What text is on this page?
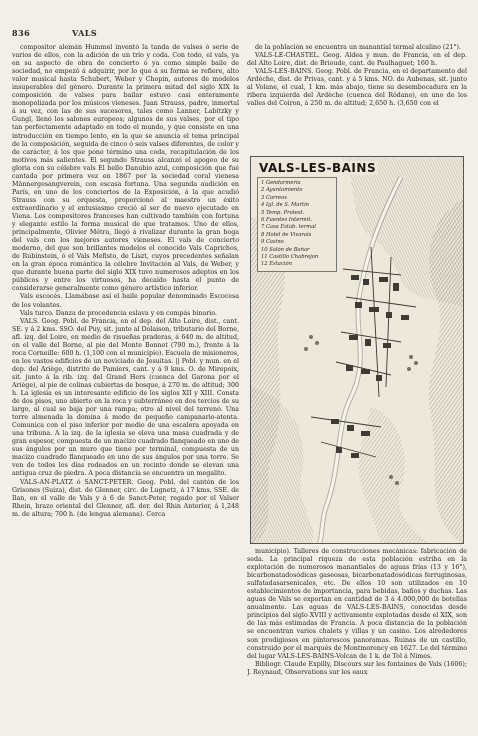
836	VALS

compositor alemán Hummel inventó la tanda de valses ó serie de varios de ellos, con la adición de un trío y coda. Con todo, el vals, ya en su aspecto de obra de concierto ó ya como simple baile de sociedad, no empezó á adquirir, por lo que á su forma se refiere, alto valor musical hasta Schubert, Weber y Chopin, autores de modelos insuperables del género. Durante la primera mitad del siglo XIX la composición de valses para bailar estuvo casi enteramente monopolizada por los músicos vieneses. Juan Strauss, padre, inmortal á su vez, con las de sus sucesores, tales como Lanner, Labitzky y Gungl, llenó los salones europeos; algunos de sus valses, por el tipo tan perfectamente adaptado en todo el mundo, y que consiste en una introducción en tiempo lento, en la que se anuncia el tema principal de la composición, seguida de cinco ó seis valses diferentes, de color y de carácter, á los que pone término una coda, recapitulación de los motivos más salientes. El segundo Strauss alcanzó el apogeo de su gloria con su célebre vals El bello Danubio azul, composición que fué cantada por primera vez en 1867 por la sociedad coral vienesa Männergesangverein, con escasa fortuna. Una segunda audición en París, en uno de los conciertos de la Exposición, á la que acudió Strauss con su orquesta, proporcionó al maestro un éxito extraordinario y el entusiasmo creció al ser de nuevo ejecutado en Viena. Los compositores franceses han cultivado también con fortuna y elegante estilo la forma musical de que tratamos. Uno de ellos, principalmente, Olivier Métra, llegó á rivalizar durante la gran boga del vals con los mejores autores vieneses. El vals de concierto moderno, del que son brillantes modelos el conocido Vals Caprichos, de Rubinstein, ó el Vals Mefisto, de Liszt, cuyos precedentes señalan en la gran época romántica la célebre Invitación al Vals, de Weber, y que durante buena parte del siglo XIX tuvo numerosos adeptos en los públicos y entre los virtuosos, ha decaído hasta el punto de considerarse generalmente como género artístico inferior.

Vals escocés. Llamábase así el baile popular denominado Escocesa de los volantes.

Vals turco. Danza de procedencia eslava y en compás binario.

VALS. Geog. Pobl. de Francia, en el dep. del Alto Loire, dist., cant. SE. y á 2 kms. SSO. del Puy, sit. junto al Dolaison, tributario del Borne, afl. izq. del Loire, en medio de risueñas praderas, á 640 m. de altitud, en el valle del Borne, al pie del Monte Bonnot (790 m.), frente á la roca Corneille: 600 h. (1,100 con el municipio). Escuela de misioneros, en los vastos edificios de un noviciado de Jesuitas. || Pobl. y mun. en el dep. del Ariège, distrito de Pamiers, cant. y á 9 kms. O. de Mirepoix, sit. junto á la rib. izq. del Grand Hers (cuenca del Garona por el Ariège), al pie de colinas cubiertas de bosque, á 270 m. de altitud; 300 h. La iglesia es un interesante edificio de los siglos XII y XIII. Consta de dos pisos, uno abierto en la roca y subterráneo en dos tercios de su largo, al cual se baja por una rampa; otro al nivel del terreno. Una torre almenada la domina á modo de pequeño campanario-atenta. Comunica con el piso inferior por medio de una escalera apoyada en una tribuna. A la izq. de la iglesia se eleva una masa cuadrada y de gran espesor, compuesta de un macizo cuadrado flanqueado en uno de sus ángulos por un muro que tiene por terminal, compuesta de un macizo cuadrado flanqueado en uno de sus ángulos por una torre. Se ven de todos los días rodeados en un recinto donde se elevan una antigua cruz de piedra. A poca distancia se encuentra un megalito.

VALS-AN-PLATZ ó SANCT-PETER. Geog. Pobl. del cantón de los Grisones (Suiza), dist. de Glenner, circ. de Lugnetz, á 17 kms. SSE. de Ilan, en el valle de Vals y á 6 de Sanct-Peter, regado por el Valser Rhein, brazo oriental del Glenner, afl. der. del Rhin Anterior, á 1,248 m. de altura; 700 h. (de lengua alemana). Cerca

de la población se encuentra un manantial termal alcalino (21°).

VALS-LE-CHASTEL. Geog. Aldea y mun. de Francia, en el dep. del Alto Loire, dist. de Brioude, cant. de Paulhaguet; 160 h.

VALS-LES-BAINS. Geog. Pobl. de Francia, en el departamento del Ardèche, dist. de Privas, cant. y á 5 kms. NO. de Aubenas, sit. junto al Volane, el cual, 1 km. más abajo, tiene su desembocadura en la ribera izquierda del Ardèche (cuenca del Ródano), en uno de los valles del Coiron, á 250 m. de altitud; 2,650 h. (3,650 con el

VALS-LES-BAINS
1 Gendarmería
2 Ayuntamiento
3 Correos
4 Igl. de S. Martín
5 Temp. Protest.
6 Fuentes Intermit.
7 Casa Estab. termal
8 Hotel de Vivarais
9 Casino
10 Salón de Bañar
11 Castillo Chabrejon
12 Estación

municipio). Talleres de construcciones mecánicas: fabricación de seda. La principal riqueza de esta población estriba en la explotación de numerosos manantiales de aguas frías (13 y 16°), bicarbonatadosódicas gaseosas, bicarbonatadosódicas ferruginosas, sulfatadasarsenicales, etc. De ellos 10 son utilizados en 10 establecimientos de importancia, para bebidas, baños y duchas. Las aguas de Vals se exportan en cantidad de 3 á 4.000,000 de botellas anualmente. Las aguas de VALS-LES-BAINS, conocidas desde principios del siglo XVIII y activamente explotadas desde el XIX, son de las más estimadas de Francia. A poca distancia de la población se encuentran varios chalets y villas y un casino. Los alrededores son prodigiosos en pintorescos panoramas. Ruinas de un castillo, construido por el marqués de Montmorency en 1627. Le del término del lugar VALS-LES-BAINS-Volcan de 1 k. de Tol á Nimes.

Bibliogr. Claude Expilly, Discours sur les fontaines de Vals (1606); J. Reynaud, Observations sur les eaux
